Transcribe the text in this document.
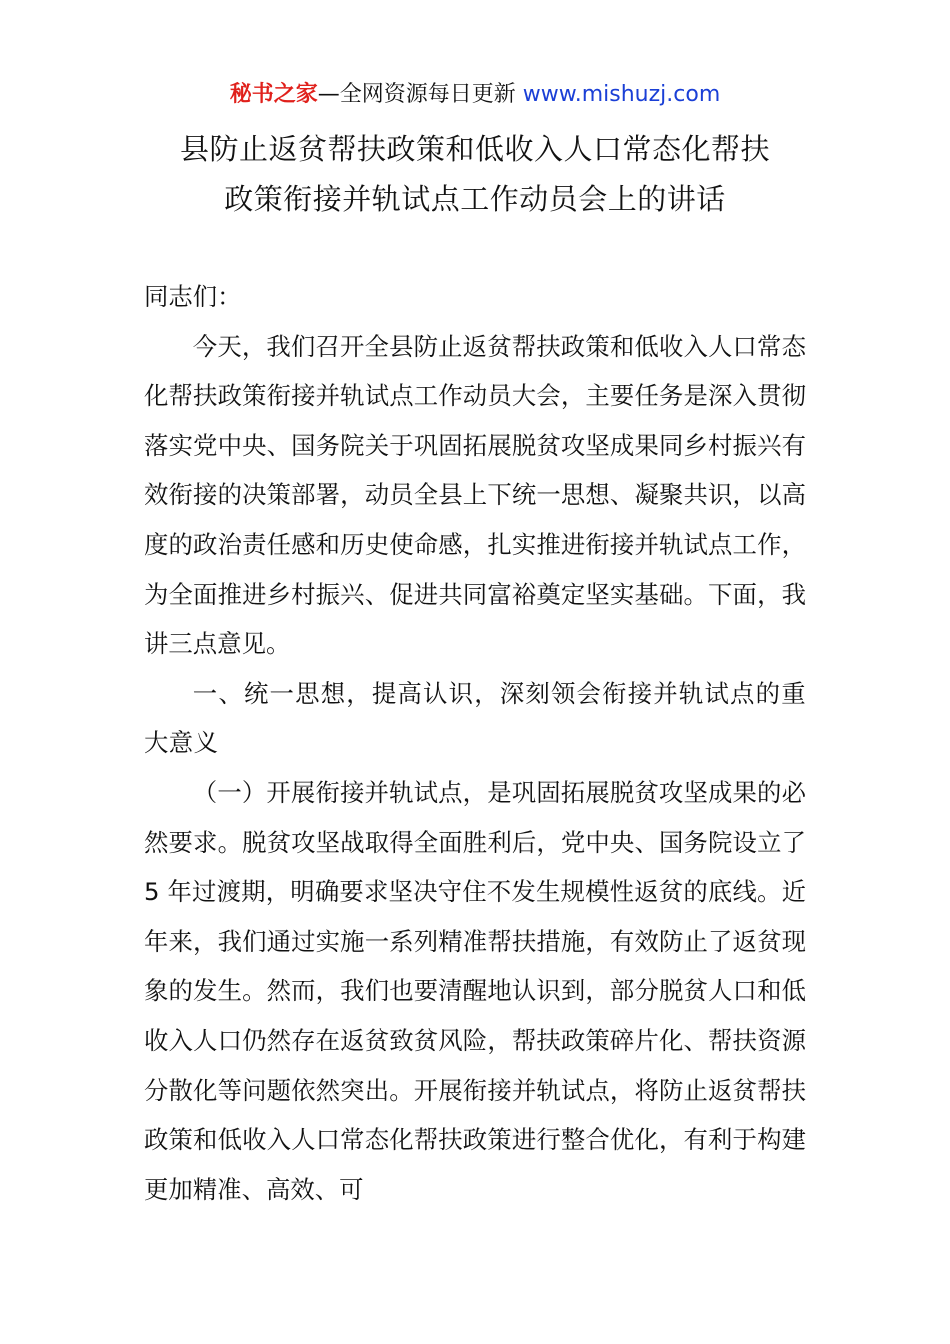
秘书之家—全网资源每日更新 www.mishuzj.com
县防止返贫帮扶政策和低收入人口常态化帮扶
政策衔接并轨试点工作动员会上的讲话

同志们：

今天，我们召开全县防止返贫帮扶政策和低收入人口常态化帮扶政策衔接并轨试点工作动员大会，主要任务是深入贯彻落实党中央、国务院关于巩固拓展脱贫攻坚成果同乡村振兴有效衔接的决策部署，动员全县上下统一思想、凝聚共识，以高度的政治责任感和历史使命感，扎实推进衔接并轨试点工作，为全面推进乡村振兴、促进共同富裕奠定坚实基础。下面，我讲三点意见。

一、统一思想，提高认识，深刻领会衔接并轨试点的重大意义

（一）开展衔接并轨试点，是巩固拓展脱贫攻坚成果的必然要求。脱贫攻坚战取得全面胜利后，党中央、国务院设立了 5 年过渡期，明确要求坚决守住不发生规模性返贫的底线。近年来，我们通过实施一系列精准帮扶措施，有效防止了返贫现象的发生。然而，我们也要清醒地认识到，部分脱贫人口和低收入人口仍然存在返贫致贫风险，帮扶政策碎片化、帮扶资源分散化等问题依然突出。开展衔接并轨试点，将防止返贫帮扶政策和低收入人口常态化帮扶政策进行整合优化，有利于构建更加精准、高效、可
